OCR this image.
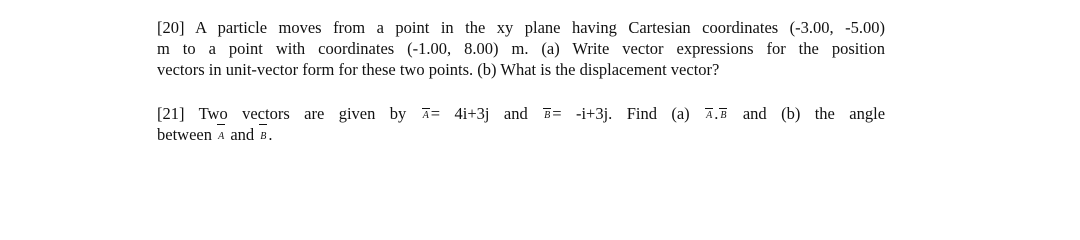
[20] A particle moves from a point in the xy plane having Cartesian coordinates (-3.00, -5.00)
m to a point with coordinates (-1.00, 8.00) m. (a) Write vector expressions for the position
vectors in unit-vector form for these two points. (b) What is the displacement vector?
[21] Two vectors are given by A = 4i+3j and B = -i+3j. Find (a) A . B and (b) the angle
between A and B .
